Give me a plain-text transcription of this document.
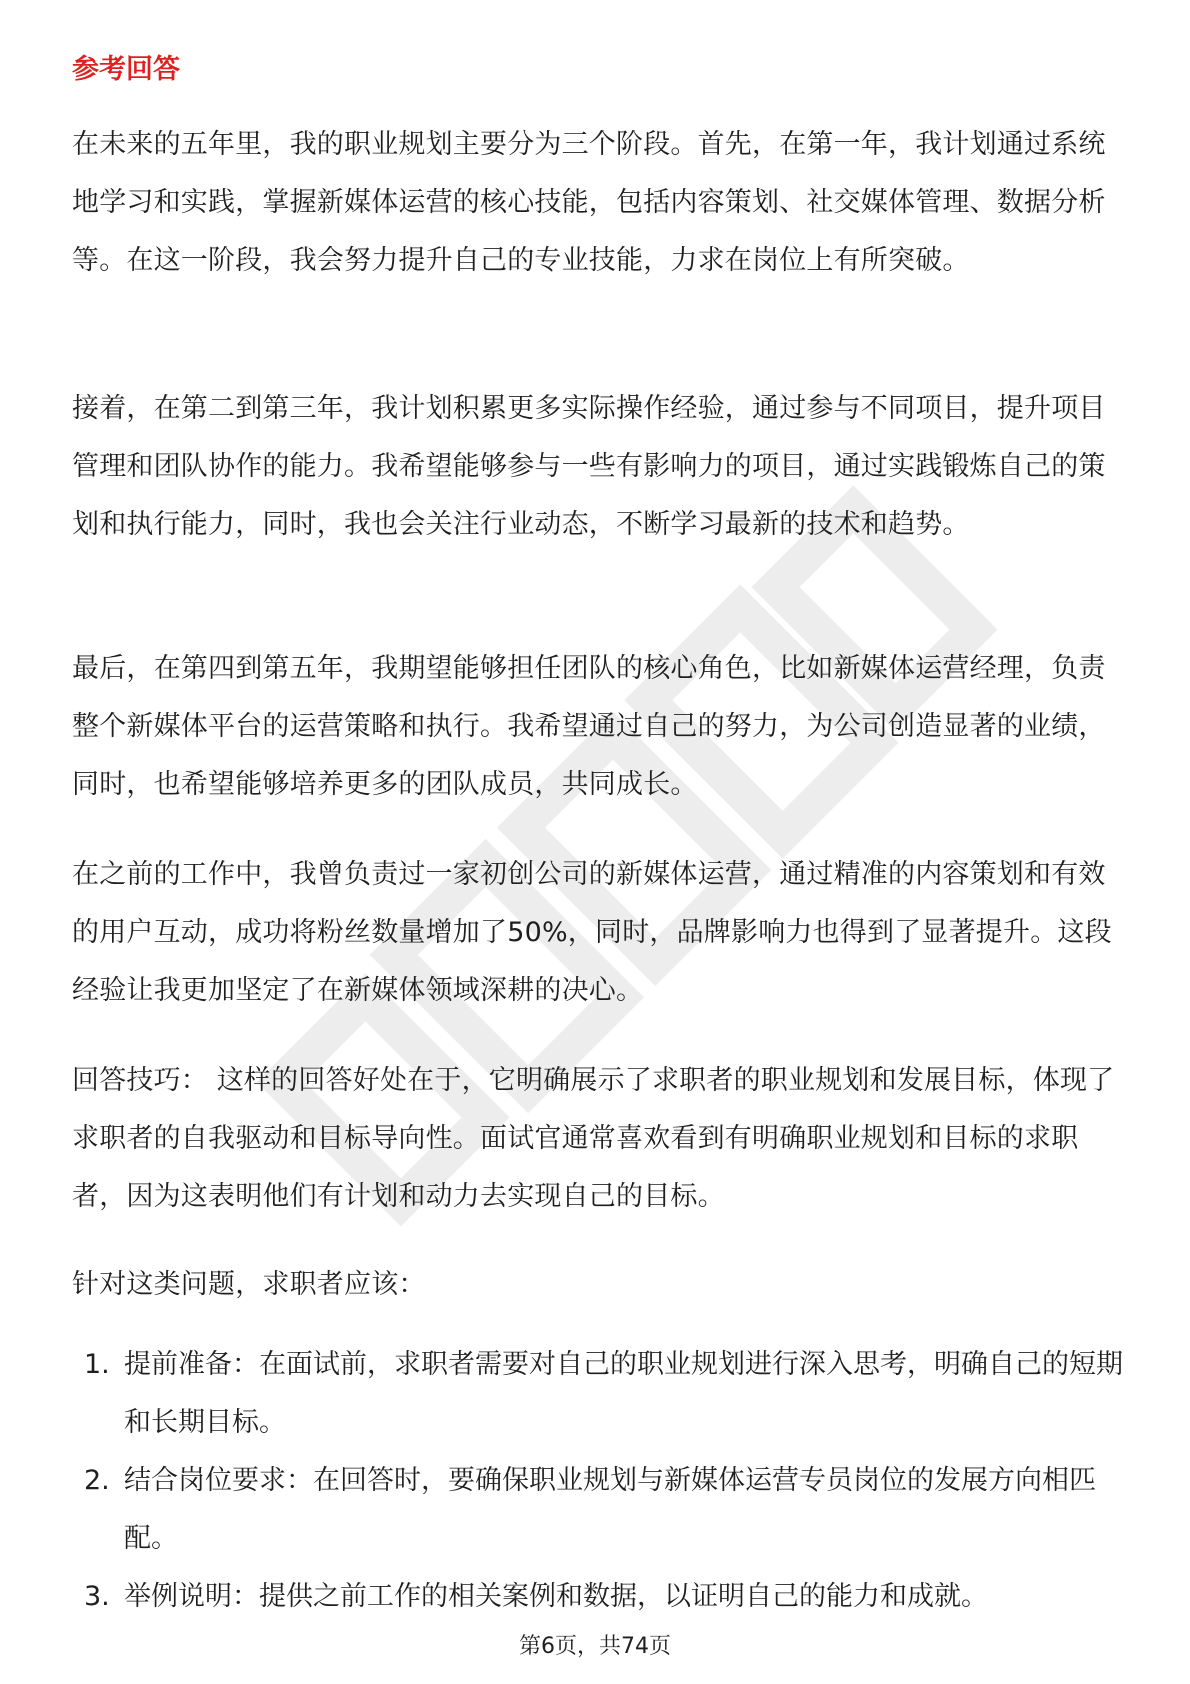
参考回答

在未来的五年里，我的职业规划主要分为三个阶段。首先，在第一年，我计划通过系统地学习和实践，掌握新媒体运营的核心技能，包括内容策划、社交媒体管理、数据分析等。在这一阶段，我会努力提升自己的专业技能，力求在岗位上有所突破。

接着，在第二到第三年，我计划积累更多实际操作经验，通过参与不同项目，提升项目管理和团队协作的能力。我希望能够参与一些有影响力的项目，通过实践锻炼自己的策划和执行能力，同时，我也会关注行业动态，不断学习最新的技术和趋势。

最后，在第四到第五年，我期望能够担任团队的核心角色，比如新媒体运营经理，负责整个新媒体平台的运营策略和执行。我希望通过自己的努力，为公司创造显著的业绩，同时，也希望能够培养更多的团队成员，共同成长。

在之前的工作中，我曾负责过一家初创公司的新媒体运营，通过精准的内容策划和有效的用户互动，成功将粉丝数量增加了50%，同时，品牌影响力也得到了显著提升。这段经验让我更加坚定了在新媒体领域深耕的决心。

回答技巧： 这样的回答好处在于，它明确展示了求职者的职业规划和发展目标，体现了求职者的自我驱动和目标导向性。面试官通常喜欢看到有明确职业规划和目标的求职者，因为这表明他们有计划和动力去实现自己的目标。

针对这类问题，求职者应该：

1. 提前准备：在面试前，求职者需要对自己的职业规划进行深入思考，明确自己的短期和长期目标。
2. 结合岗位要求：在回答时，要确保职业规划与新媒体运营专员岗位的发展方向相匹配。
3. 举例说明：提供之前工作的相关案例和数据，以证明自己的能力和成就。
第6页，共74页
